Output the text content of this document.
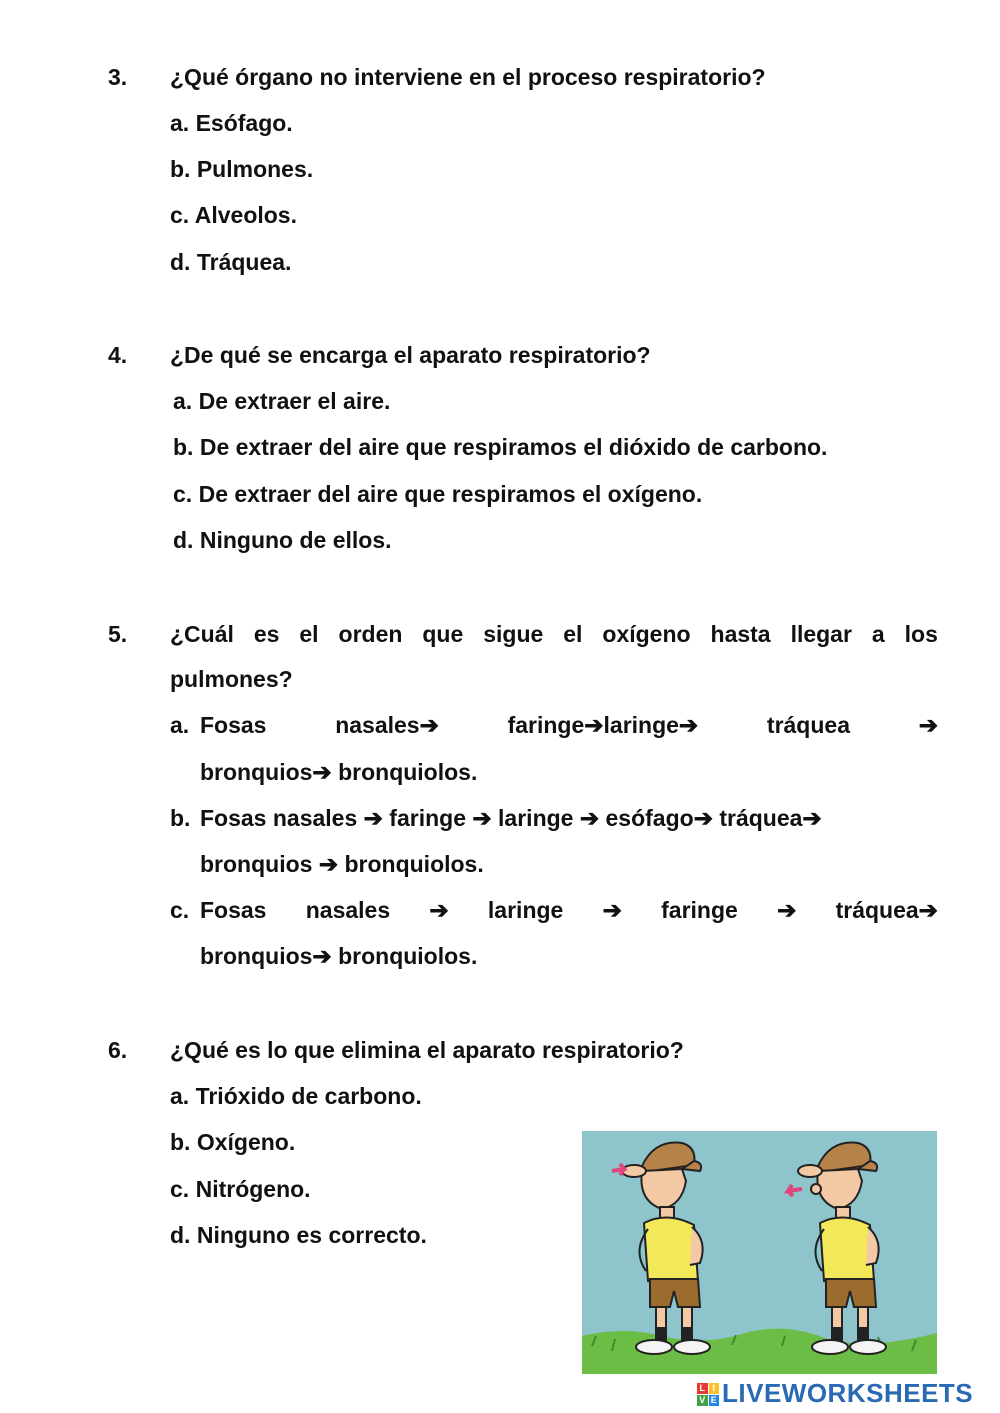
3. ¿Qué órgano no interviene en el proceso respiratorio?
a. Esófago.
b. Pulmones.
c. Alveolos.
d. Tráquea.
4. ¿De qué se encarga el aparato respiratorio?
a. De extraer el aire.
b. De extraer del aire que respiramos el dióxido de carbono.
c. De extraer del aire que respiramos el oxígeno.
d. Ninguno de ellos.
5. ¿Cuál es el orden que sigue el oxígeno hasta llegar a los
pulmones?
a. Fosas	nasales➔	faringe➔laringe➔	tráquea	➔
bronquios➔ bronquiolos.
b. Fosas nasales ➔ faringe ➔ laringe ➔ esófago➔ tráquea➔
bronquios ➔ bronquiolos.
c. Fosas nasales ➔ laringe ➔ faringe ➔ tráquea➔
bronquios➔ bronquiolos.
6. ¿Qué es lo que elimina el aparato respiratorio?
a. Trióxido de carbono.
b. Oxígeno.
c. Nitrógeno.
d. Ninguno es correcto.
L I
V E LIVEWORKSHEETS
